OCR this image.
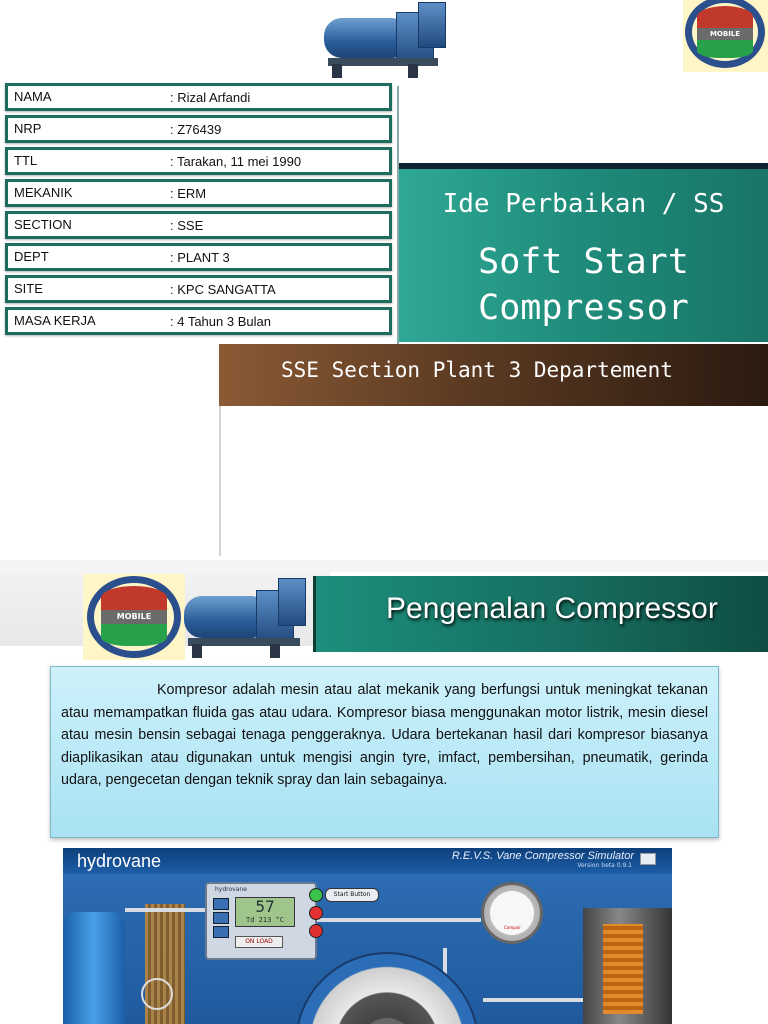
MOBILE
NAMA	: Rizal Arfandi
NRP	: Z76439
TTL	: Tarakan, 11 mei 1990
MEKANIK	: ERM
SECTION	: SSE
DEPT	: PLANT 3
SITE	: KPC SANGATTA
MASA KERJA	: 4 Tahun 3 Bulan
Ide Perbaikan / SS
Soft Start
Compressor
SSE Section Plant 3 Departement
MOBILE	Pengenalan Compressor
Kompresor adalah mesin atau alat mekanik yang berfungsi untuk meningkat tekanan atau memampatkan fluida gas atau udara. Kompresor biasa menggunakan motor listrik, mesin diesel atau mesin bensin sebagai tenaga penggeraknya. Udara bertekanan hasil dari kompresor biasanya diaplikasikan atau digunakan untuk mengisi angin tyre, imfact, pembersihan, pneumatik, gerinda udara, pengecetan dengan teknik spray dan lain sebagainya.
hydrovane	R.E.V.S. Vane Compressor Simulator
Version beta 0.9.1
hydrovane
57
Td 213 °C
ON LOAD
Start Button
Compair
